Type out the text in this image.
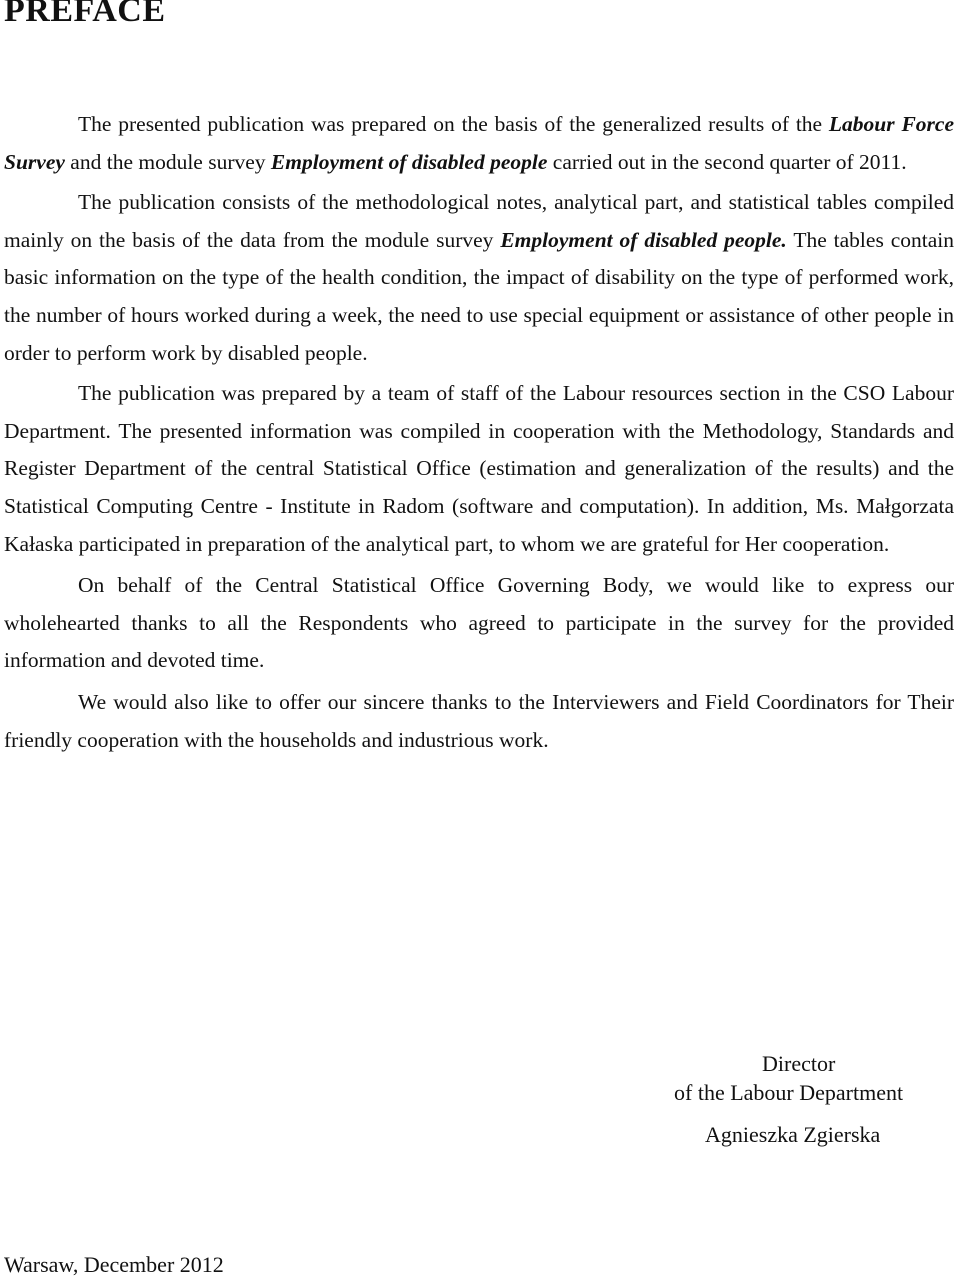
PREFACE

The presented publication was prepared on the basis of the generalized results of the Labour Force Survey and the module survey Employment of disabled people carried out in the second quarter of 2011.

The publication consists of the methodological notes, analytical part, and statistical tables compiled mainly on the basis of the data from the module survey Employment of disabled people. The tables contain basic information on the type of the health condition, the impact of disability on the type of performed work, the number of hours worked during a week, the need to use special equipment or assistance of other people in order to perform work by disabled people.

The publication was prepared by a team of staff of the Labour resources section in the CSO Labour Department. The presented information was compiled in cooperation with the Methodology, Standards and Register Department of the central Statistical Office (estimation and generalization of the results) and the Statistical Computing Centre - Institute in Radom (software and computation). In addition, Ms. Małgorzata Kałaska participated in preparation of the analytical part, to whom we are grateful for Her cooperation.

On behalf of the Central Statistical Office Governing Body, we would like to express our wholehearted thanks to all the Respondents who agreed to participate in the survey for the provided information and devoted time.

We would also like to offer our sincere thanks to the Interviewers and Field Coordinators for Their friendly cooperation with the households and industrious work.

Director
of the Labour Department
Agnieszka Zgierska
Warsaw, December 2012
